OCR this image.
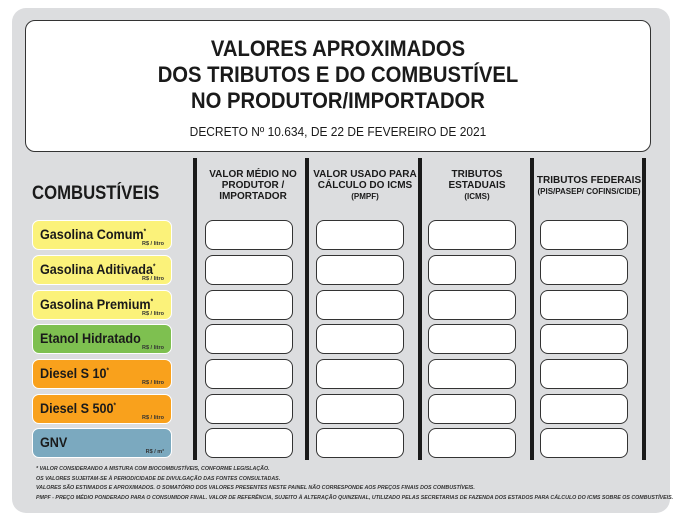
VALORES APROXIMADOS
DOS TRIBUTOS E DO COMBUSTÍVEL
NO PRODUTOR/IMPORTADOR
DECRETO Nº 10.634, DE 22 DE FEVEREIRO DE 2021
COMBUSTÍVEIS
VALOR MÉDIO NO PRODUTOR / IMPORTADOR
VALOR USADO PARA CÁLCULO DO ICMS
(PMPF)
TRIBUTOS ESTADUAIS
(ICMS)
TRIBUTOS FEDERAIS
(PIS/PASEP/ COFINS/CIDE)
Gasolina Comum*
R$ / litro
Gasolina Aditivada*
R$ / litro
Gasolina Premium*
R$ / litro
Etanol Hidratado
R$ / litro
Diesel S 10*
R$ / litro
Diesel S 500*
R$ / litro
GNV
R$ / m³
* VALOR CONSIDERANDO A MISTURA COM BIOCOMBUSTÍVEIS, CONFORME LEGISLAÇÃO.
OS VALORES SUJEITAM-SE À PERIODICIDADE DE DIVULGAÇÃO DAS FONTES CONSULTADAS.
VALORES SÃO ESTIMADOS E APROXIMADOS. O SOMATÓRIO DOS VALORES PRESENTES NESTE PAINEL NÃO CORRESPONDE AOS PREÇOS FINAIS DOS COMBUSTÍVEIS.
PMPF - PREÇO MÉDIO PONDERADO PARA O CONSUMIDOR FINAL. VALOR DE REFERÊNCIA, SUJEITO À ALTERAÇÃO QUINZENAL, UTILIZADO PELAS SECRETARIAS DE FAZENDA DOS ESTADOS PARA CÁLCULO DO ICMS SOBRE OS COMBUSTÍVEIS.
